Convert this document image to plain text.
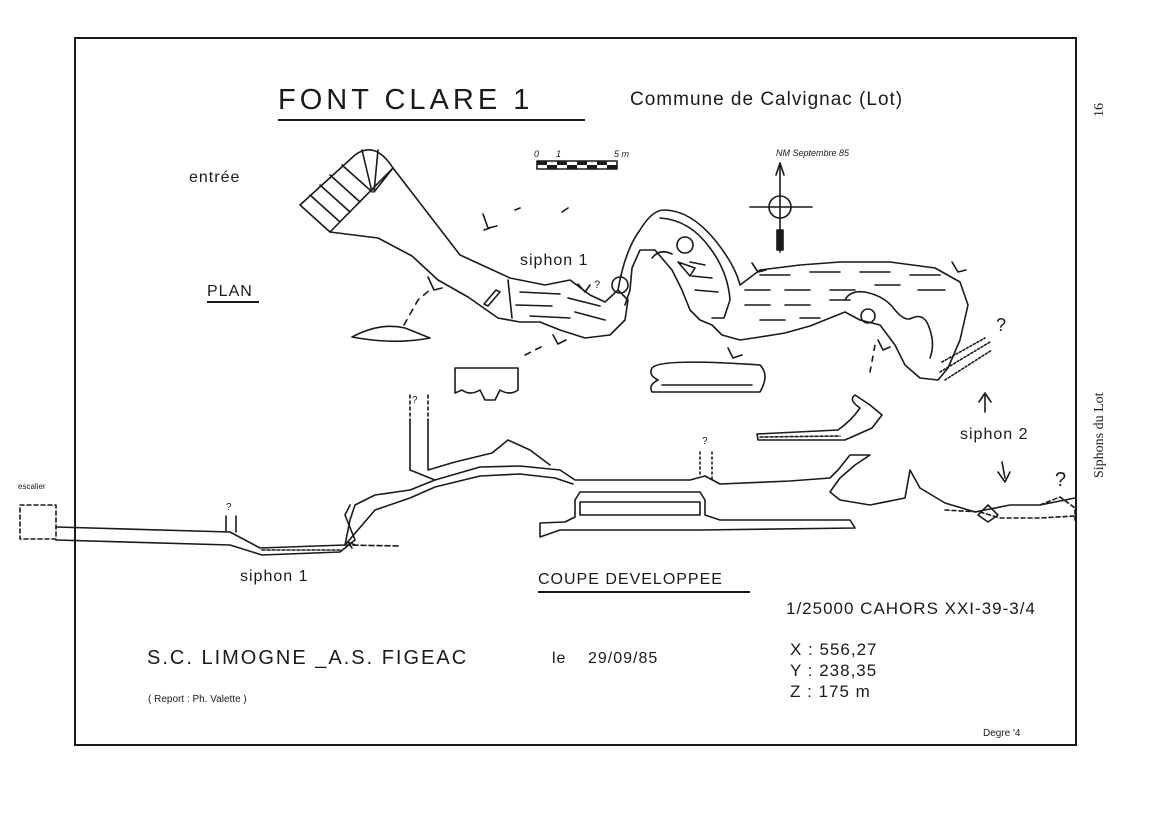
FONT CLARE 1	Commune de Calvignac (Lot)	16
Siphons du Lot
entrée
PLAN
siphon 1
siphon 2
?
?
?
?
?
?
0 1	5 m	NM Septembre 85
escalier
siphon 1	COUPE DEVELOPPEE
1/25000 CAHORS XXI-39-3/4
S.C. LIMOGNE _A.S. FIGEAC	le 29/09/85	X : 556,27
Y : 238,35
Z : 175 m
( Report : Ph. Valette )
Degre '4
